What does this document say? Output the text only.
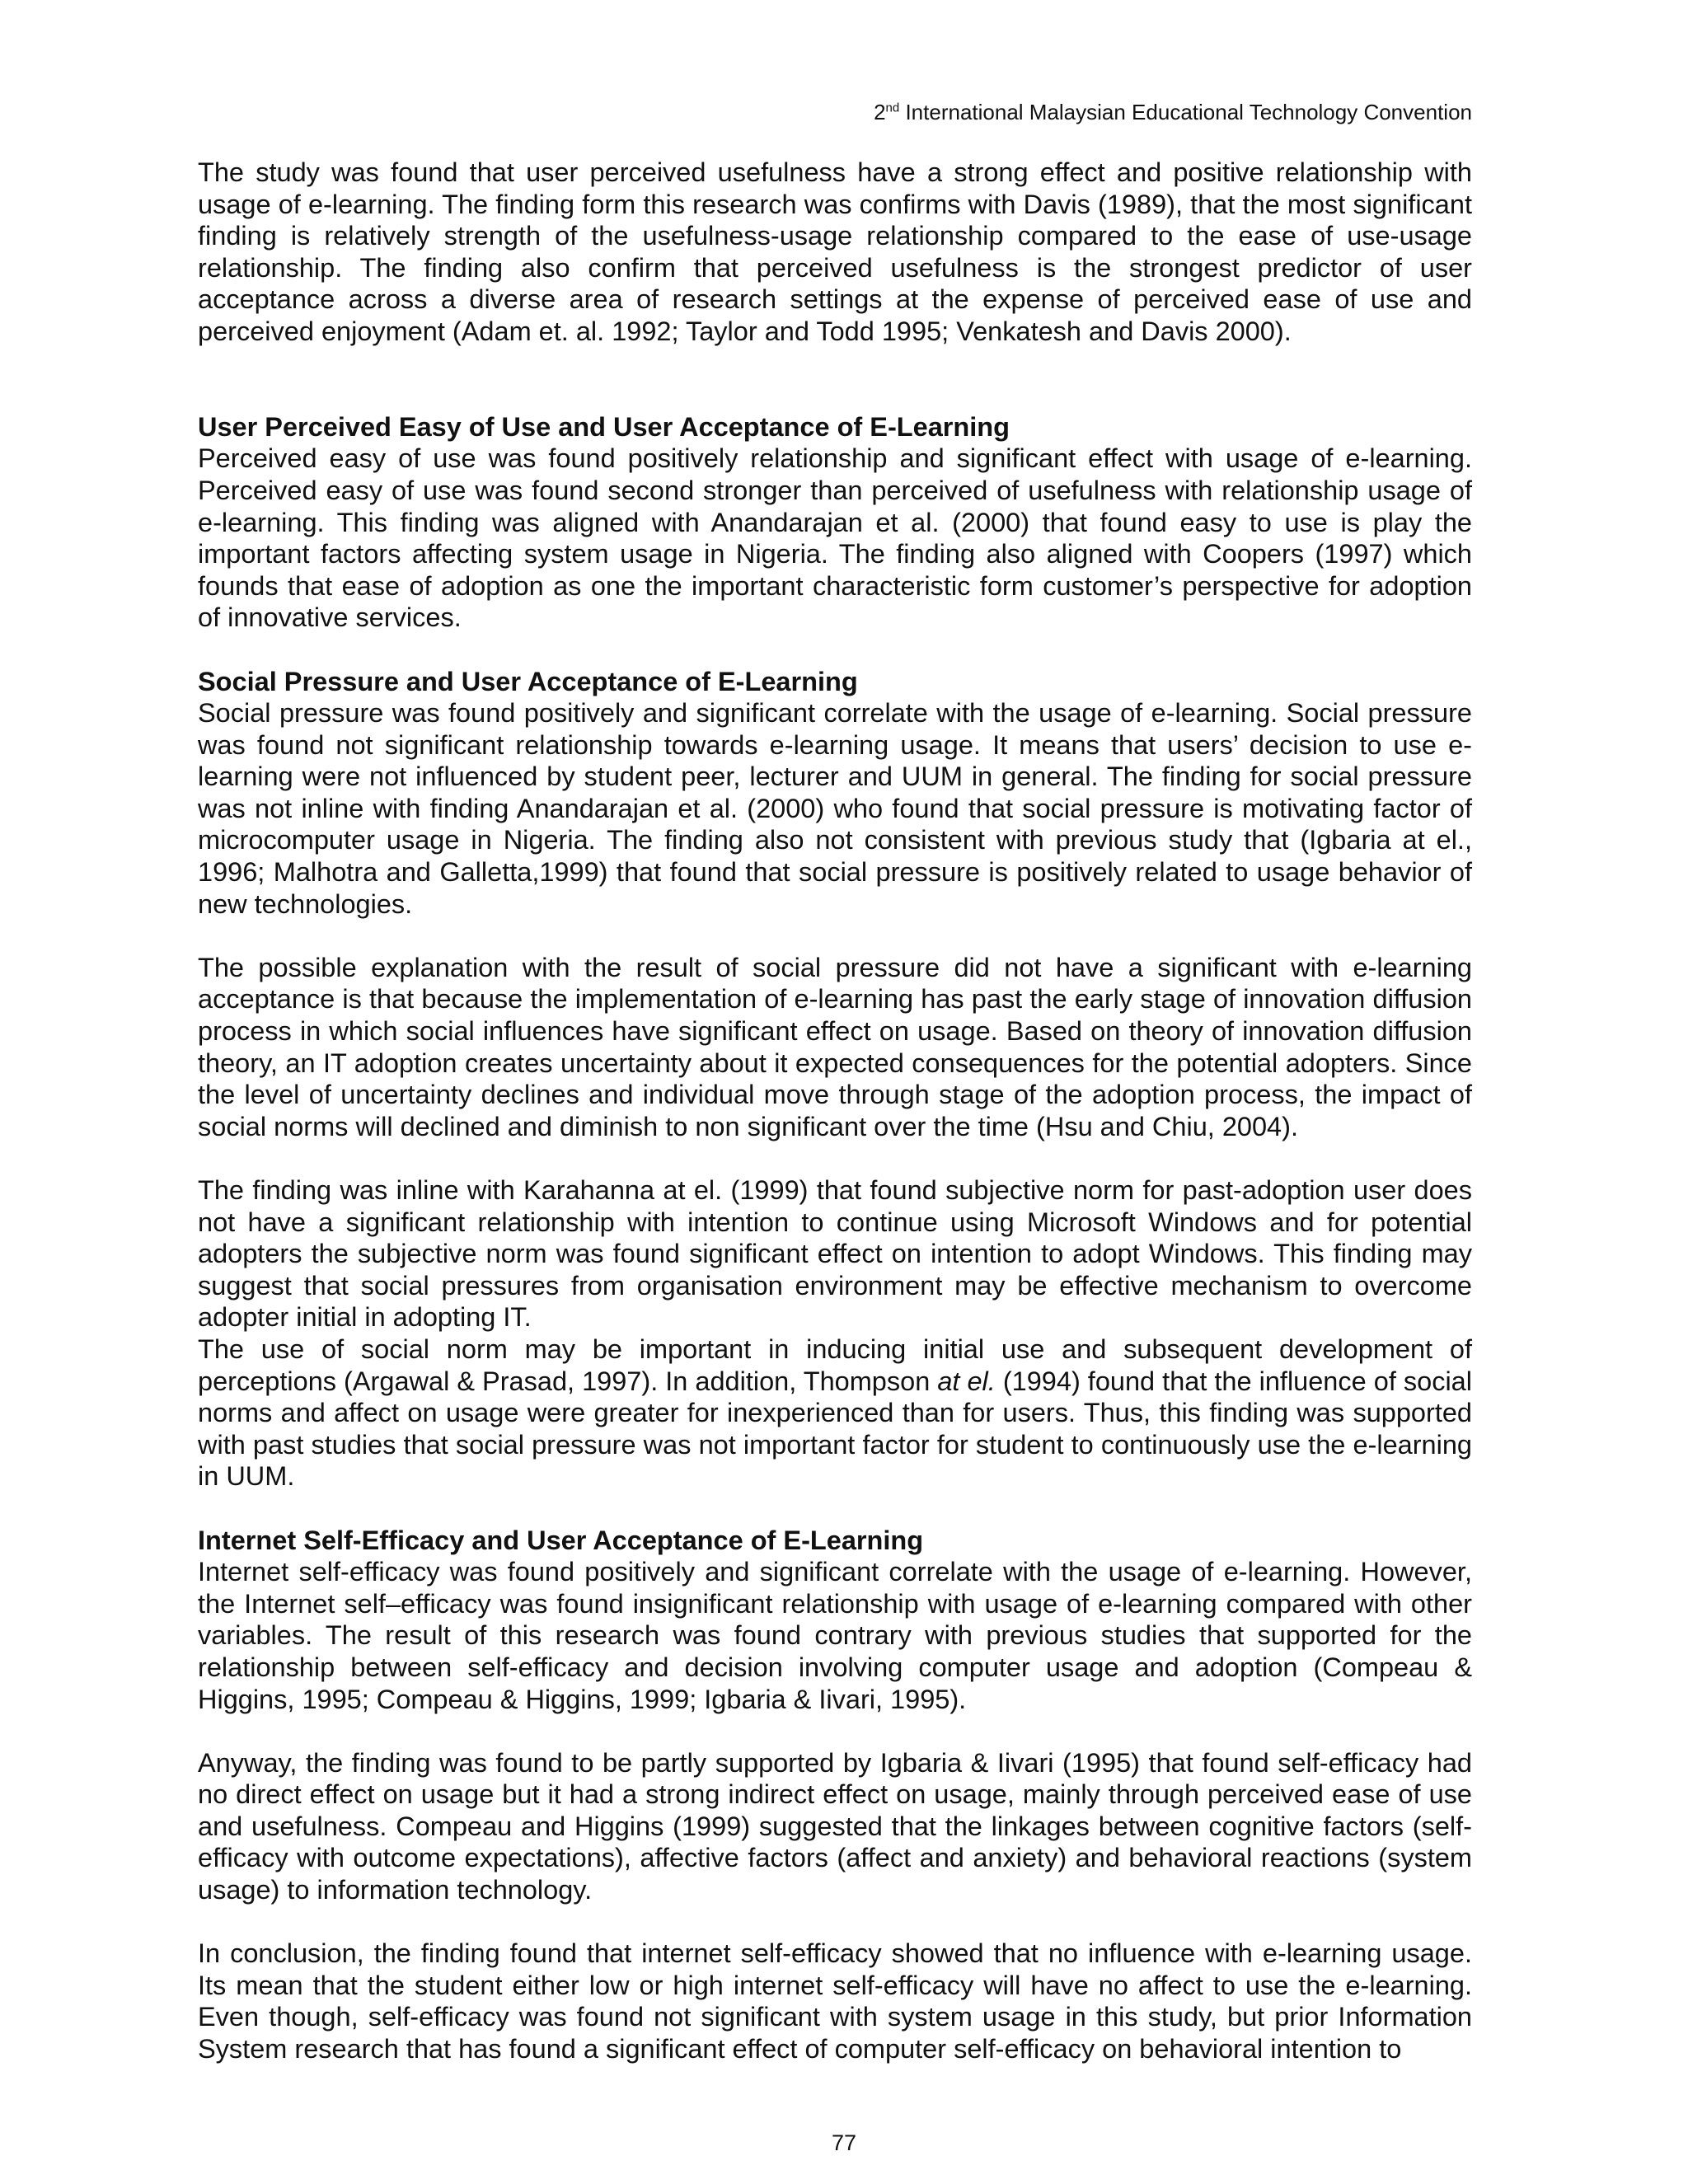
2nd International Malaysian Educational Technology Convention

The study was found that user perceived usefulness have a strong effect and positive relationship with usage of e-learning. The finding form this research was confirms with Davis (1989), that the most significant finding is relatively strength of the usefulness-usage relationship compared to the ease of use-usage relationship. The finding also confirm that perceived usefulness is the strongest predictor of user acceptance across a diverse area of research settings at the expense of perceived ease of use and perceived enjoyment (Adam et. al. 1992; Taylor and Todd 1995; Venkatesh and Davis 2000).

User Perceived Easy of Use and User Acceptance of E-Learning

Perceived easy of use was found positively relationship and significant effect with usage of e-learning. Perceived easy of use was found second stronger than perceived of usefulness with relationship usage of e-learning. This finding was aligned with Anandarajan et al. (2000) that found easy to use is play the important factors affecting system usage in Nigeria. The finding also aligned with Coopers (1997) which founds that ease of adoption as one the important characteristic form customer’s perspective for adoption of innovative services.

Social Pressure and User Acceptance of E-Learning

Social pressure was found positively and significant correlate with the usage of e-learning. Social pressure was found not significant relationship towards e-learning usage. It means that users’ decision to use e-learning were not influenced by student peer, lecturer and UUM in general. The finding for social pressure was not inline with finding Anandarajan et al. (2000) who found that social pressure is motivating factor of microcomputer usage in Nigeria. The finding also not consistent with previous study that (Igbaria at el., 1996; Malhotra and Galletta,1999) that found that social pressure is positively related to usage behavior of new technologies.

The possible explanation with the result of social pressure did not have a significant with e-learning acceptance is that because the implementation of e-learning has past the early stage of innovation diffusion process in which social influences have significant effect on usage. Based on theory of innovation diffusion theory, an IT adoption creates uncertainty about it expected consequences for the potential adopters. Since the level of uncertainty declines and individual move through stage of the adoption process, the impact of social norms will declined and diminish to non significant over the time (Hsu and Chiu, 2004).

The finding was inline with Karahanna at el. (1999) that found subjective norm for past-adoption user does not have a significant relationship with intention to continue using Microsoft Windows and for potential adopters the subjective norm was found significant effect on intention to adopt Windows. This finding may suggest that social pressures from organisation environment may be effective mechanism to overcome adopter initial in adopting IT.

The use of social norm may be important in inducing initial use and subsequent development of perceptions (Argawal & Prasad, 1997). In addition, Thompson at el. (1994) found that the influence of social norms and affect on usage were greater for inexperienced than for users. Thus, this finding was supported with past studies that social pressure was not important factor for student to continuously use the e-learning in UUM.

Internet Self-Efficacy and User Acceptance of E-Learning

Internet self-efficacy was found positively and significant correlate with the usage of e-learning. However, the Internet self–efficacy was found insignificant relationship with usage of e-learning compared with other variables. The result of this research was found contrary with previous studies that supported for the relationship between self-efficacy and decision involving computer usage and adoption (Compeau & Higgins, 1995; Compeau & Higgins, 1999; Igbaria & Iivari, 1995).

Anyway, the finding was found to be partly supported by Igbaria & Iivari (1995) that found self-efficacy had no direct effect on usage but it had a strong indirect effect on usage, mainly through perceived ease of use and usefulness. Compeau and Higgins (1999) suggested that the linkages between cognitive factors (self-efficacy with outcome expectations), affective factors (affect and anxiety) and behavioral reactions (system usage) to information technology.

In conclusion, the finding found that internet self-efficacy showed that no influence with e-learning usage. Its mean that the student either low or high internet self-efficacy will have no affect to use the e-learning. Even though, self-efficacy was found not significant with system usage in this study, but prior Information System research that has found a significant effect of computer self-efficacy on behavioral intention to

77
